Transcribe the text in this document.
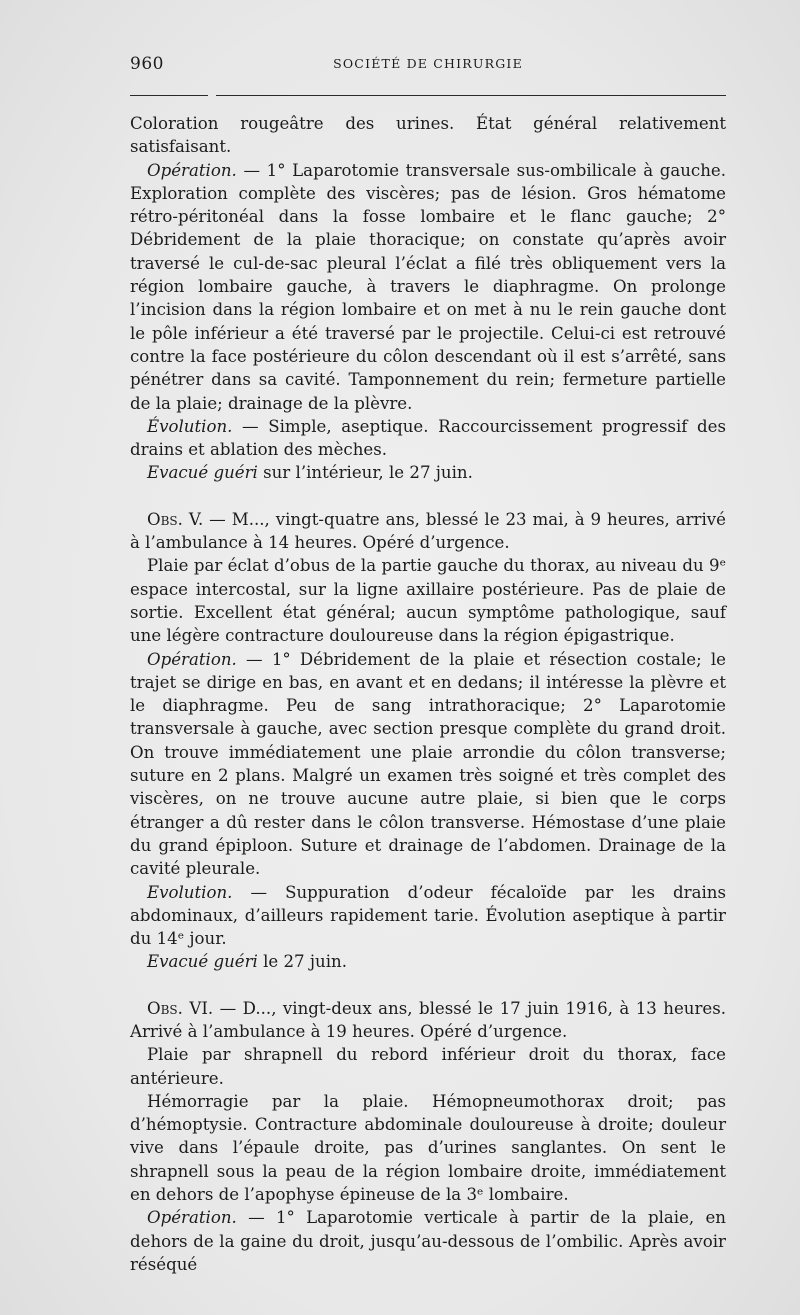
960	SOCIÉTÉ DE CHIRURGIE

Coloration rougeâtre des urines. État général relativement satisfaisant.

Opération. — 1° Laparotomie transversale sus-ombilicale à gauche. Exploration complète des viscères; pas de lésion. Gros hématome rétro-péritonéal dans la fosse lombaire et le flanc gauche; 2° Débridement de la plaie thoracique; on constate qu’après avoir traversé le cul-de-sac pleural l’éclat a filé très obliquement vers la région lombaire gauche, à travers le diaphragme. On prolonge l’incision dans la région lombaire et on met à nu le rein gauche dont le pôle inférieur a été traversé par le projectile. Celui-ci est retrouvé contre la face postérieure du côlon descendant où il est s’arrêté, sans pénétrer dans sa cavité. Tamponnement du rein; fermeture partielle de la plaie; drainage de la plèvre.

Évolution. — Simple, aseptique. Raccourcissement progressif des drains et ablation des mèches.

Evacué guéri sur l’intérieur, le 27 juin.

Obs. V. — M..., vingt-quatre ans, blessé le 23 mai, à 9 heures, arrivé à l’ambulance à 14 heures. Opéré d’urgence.

Plaie par éclat d’obus de la partie gauche du thorax, au niveau du 9ᵉ espace intercostal, sur la ligne axillaire postérieure. Pas de plaie de sortie. Excellent état général; aucun symptôme pathologique, sauf une légère contracture douloureuse dans la région épigastrique.

Opération. — 1° Débridement de la plaie et résection costale; le trajet se dirige en bas, en avant et en dedans; il intéresse la plèvre et le diaphragme. Peu de sang intrathoracique; 2° Laparotomie transversale à gauche, avec section presque complète du grand droit. On trouve immédiatement une plaie arrondie du côlon transverse; suture en 2 plans. Malgré un examen très soigné et très complet des viscères, on ne trouve aucune autre plaie, si bien que le corps étranger a dû rester dans le côlon transverse. Hémostase d’une plaie du grand épiploon. Suture et drainage de l’abdomen. Drainage de la cavité pleurale.

Evolution. — Suppuration d’odeur fécaloïde par les drains abdominaux, d’ailleurs rapidement tarie. Évolution aseptique à partir du 14ᵉ jour.

Evacué guéri le 27 juin.

Obs. VI. — D..., vingt-deux ans, blessé le 17 juin 1916, à 13 heures. Arrivé à l’ambulance à 19 heures. Opéré d’urgence.

Plaie par shrapnell du rebord inférieur droit du thorax, face antérieure.

Hémorragie par la plaie. Hémopneumothorax droit; pas d’hémoptysie. Contracture abdominale douloureuse à droite; douleur vive dans l’épaule droite, pas d’urines sanglantes. On sent le shrapnell sous la peau de la région lombaire droite, immédiatement en dehors de l’apophyse épineuse de la 3ᵉ lombaire.

Opération. — 1° Laparotomie verticale à partir de la plaie, en dehors de la gaine du droit, jusqu’au-dessous de l’ombilic. Après avoir réséqué
